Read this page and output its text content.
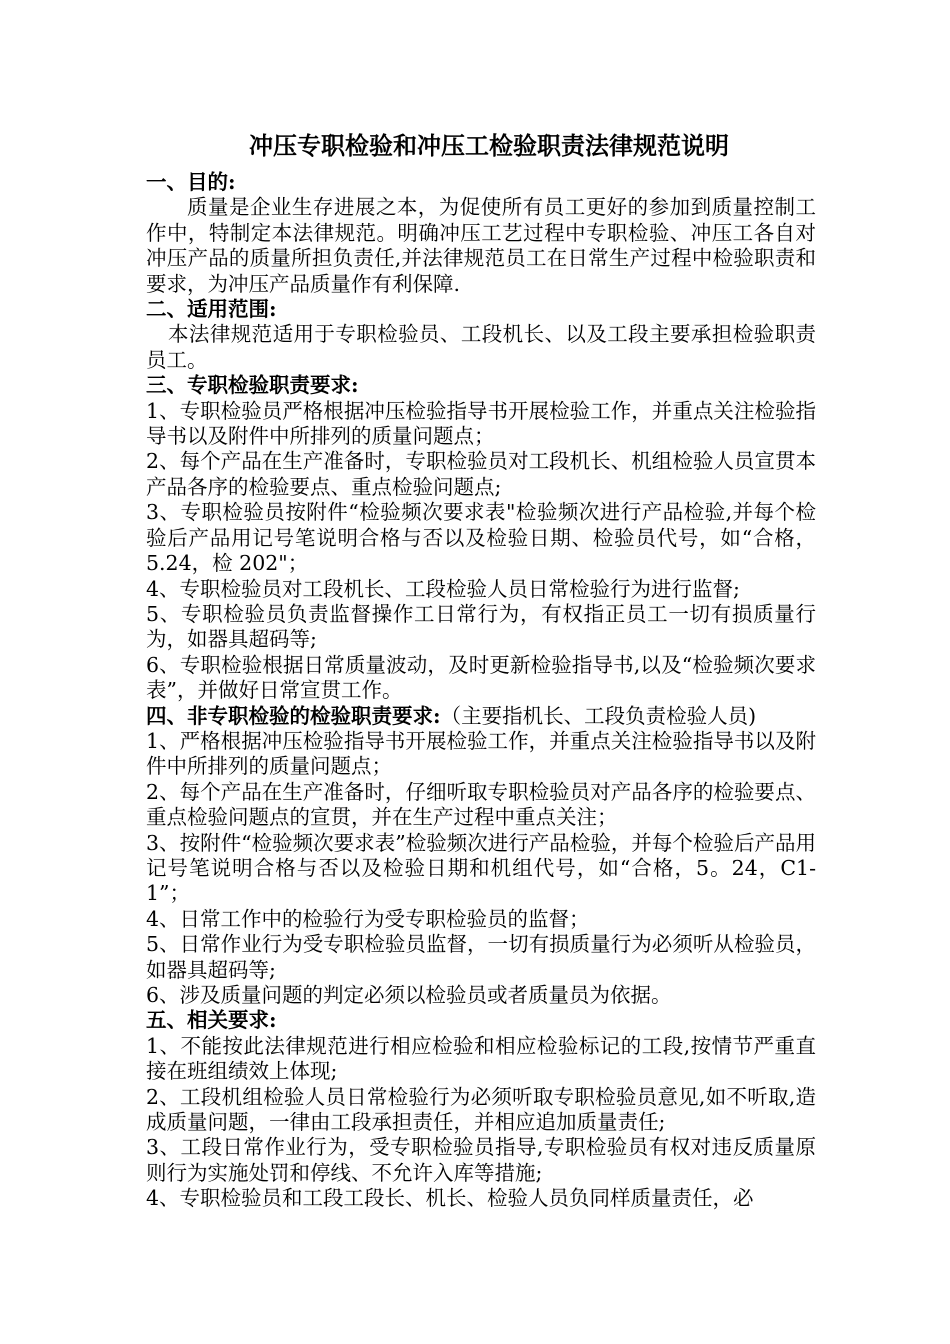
冲压专职检验和冲压工检验职责法律规范说明

一、目的:

质量是企业生存进展之本，为促使所有员工更好的参加到质量控制工作中，特制定本法律规范。明确冲压工艺过程中专职检验、冲压工各自对冲压产品的质量所担负责任,并法律规范员工在日常生产过程中检验职责和要求，为冲压产品质量作有利保障.

二、适用范围:

本法律规范适用于专职检验员、工段机长、以及工段主要承担检验职责员工。

三、专职检验职责要求:

1、专职检验员严格根据冲压检验指导书开展检验工作，并重点关注检验指导书以及附件中所排列的质量问题点；

2、每个产品在生产准备时，专职检验员对工段机长、机组检验人员宣贯本产品各序的检验要点、重点检验问题点;

3、专职检验员按附件“检验频次要求表"检验频次进行产品检验,并每个检验后产品用记号笔说明合格与否以及检验日期、检验员代号，如“合格，5.24，检 202"；

4、专职检验员对工段机长、工段检验人员日常检验行为进行监督;

5、专职检验员负责监督操作工日常行为，有权指正员工一切有损质量行为，如器具超码等;

6、专职检验根据日常质量波动，及时更新检验指导书,以及“检验频次要求表”，并做好日常宣贯工作。

四、非专职检验的检验职责要求:（主要指机长、工段负责检验人员)

1、严格根据冲压检验指导书开展检验工作，并重点关注检验指导书以及附件中所排列的质量问题点；

2、每个产品在生产准备时，仔细听取专职检验员对产品各序的检验要点、重点检验问题点的宣贯，并在生产过程中重点关注；

3、按附件“检验频次要求表”检验频次进行产品检验，并每个检验后产品用记号笔说明合格与否以及检验日期和机组代号，如“合格，5。24，C1-1”；

4、日常工作中的检验行为受专职检验员的监督；

5、日常作业行为受专职检验员监督，一切有损质量行为必须听从检验员，如器具超码等;

6、涉及质量问题的判定必须以检验员或者质量员为依据。

五、相关要求:

1、不能按此法律规范进行相应检验和相应检验标记的工段,按情节严重直接在班组绩效上体现;

2、工段机组检验人员日常检验行为必须听取专职检验员意见,如不听取,造成质量问题，一律由工段承担责任，并相应追加质量责任;

3、工段日常作业行为，受专职检验员指导,专职检验员有权对违反质量原则行为实施处罚和停线、不允许入库等措施;

4、专职检验员和工段工段长、机长、检验人员负同样质量责任，必
